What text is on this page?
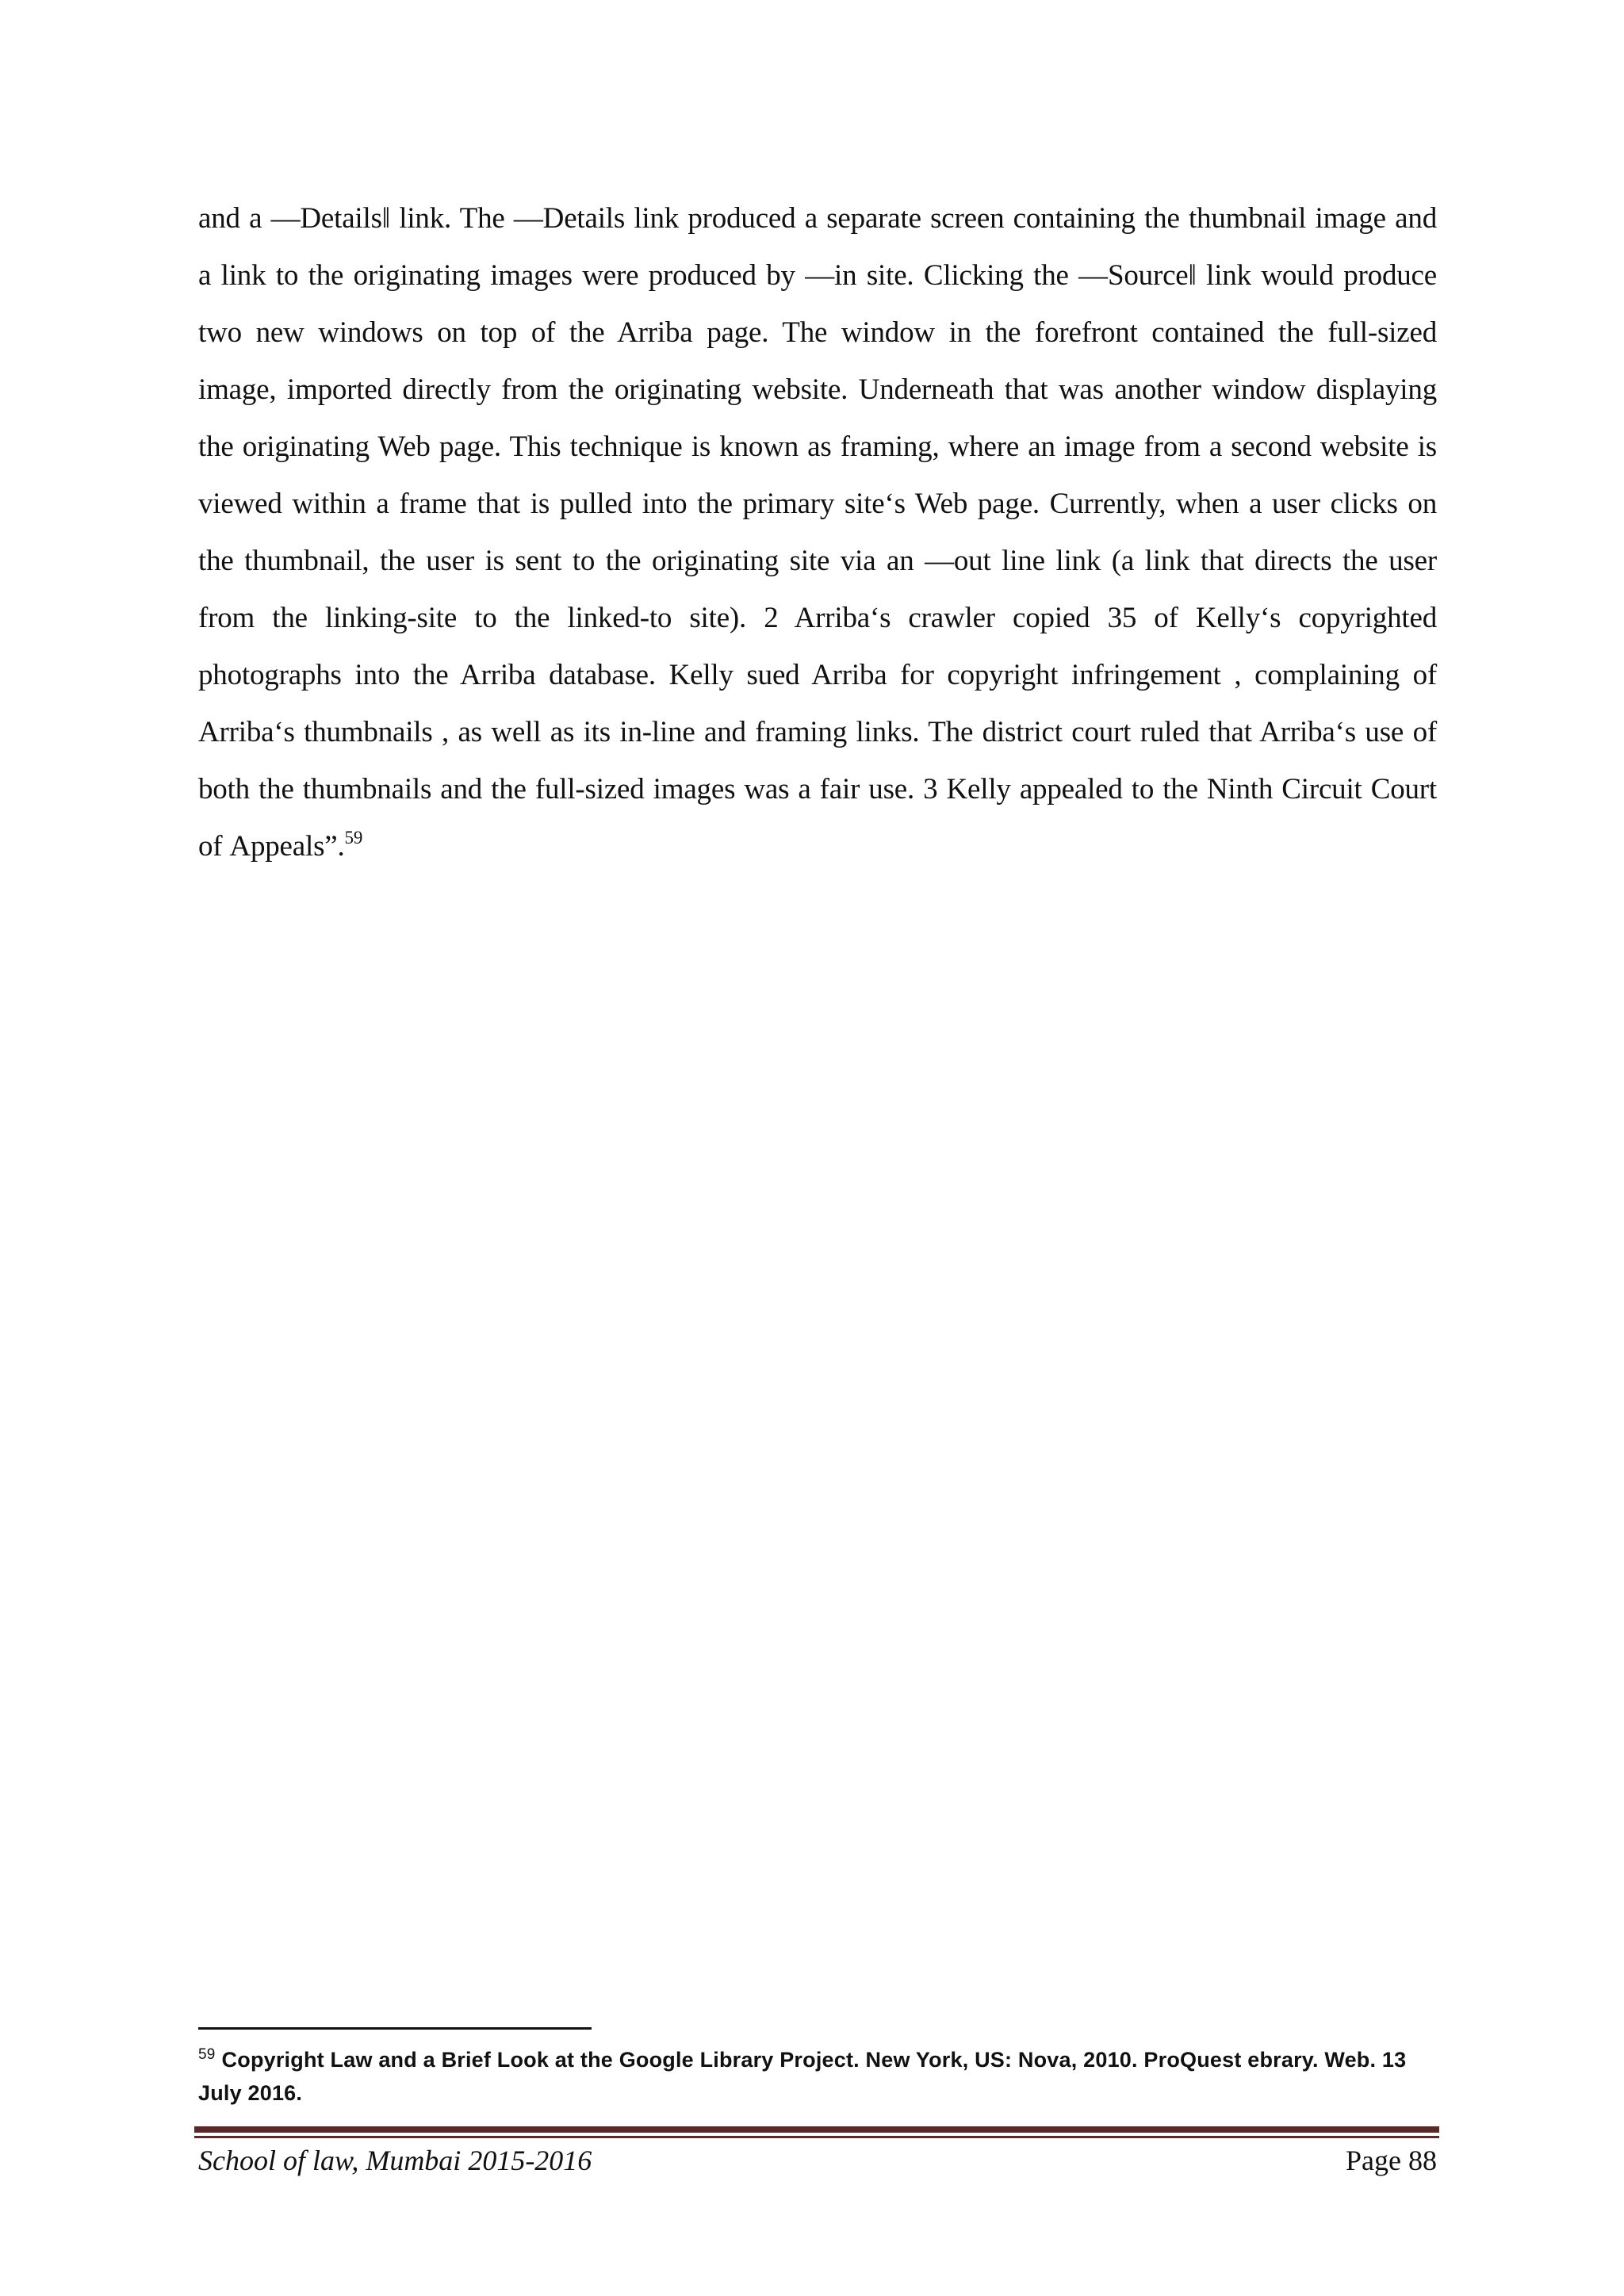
and a ―Details‖ link. The ―Details link produced a separate screen containing the thumbnail image and a link to the originating images were produced by ―in site. Clicking the ―Source‖ link would produce two new windows on top of the Arriba page. The window in the forefront contained the full-sized image, imported directly from the originating website. Underneath that was another window displaying the originating Web page. This technique is known as framing, where an image from a second website is viewed within a frame that is pulled into the primary site‘s Web page. Currently, when a user clicks on the thumbnail, the user is sent to the originating site via an ―out line link (a link that directs the user from the linking-site to the linked-to site). 2 Arriba‘s crawler copied 35 of Kelly‘s copyrighted photographs into the Arriba database. Kelly sued Arriba for copyright infringement , complaining of Arriba‘s thumbnails , as well as its in-line and framing links. The district court ruled that Arriba‘s use of both the thumbnails and the full-sized images was a fair use. 3 Kelly appealed to the Ninth Circuit Court of Appeals”.$^{59}$

$^{59}$ Copyright Law and a Brief Look at the Google Library Project. New York, US: Nova, 2010. ProQuest ebrary. Web. 13 July 2016.

School of law, Mumbai 2015-2016	Page 88
